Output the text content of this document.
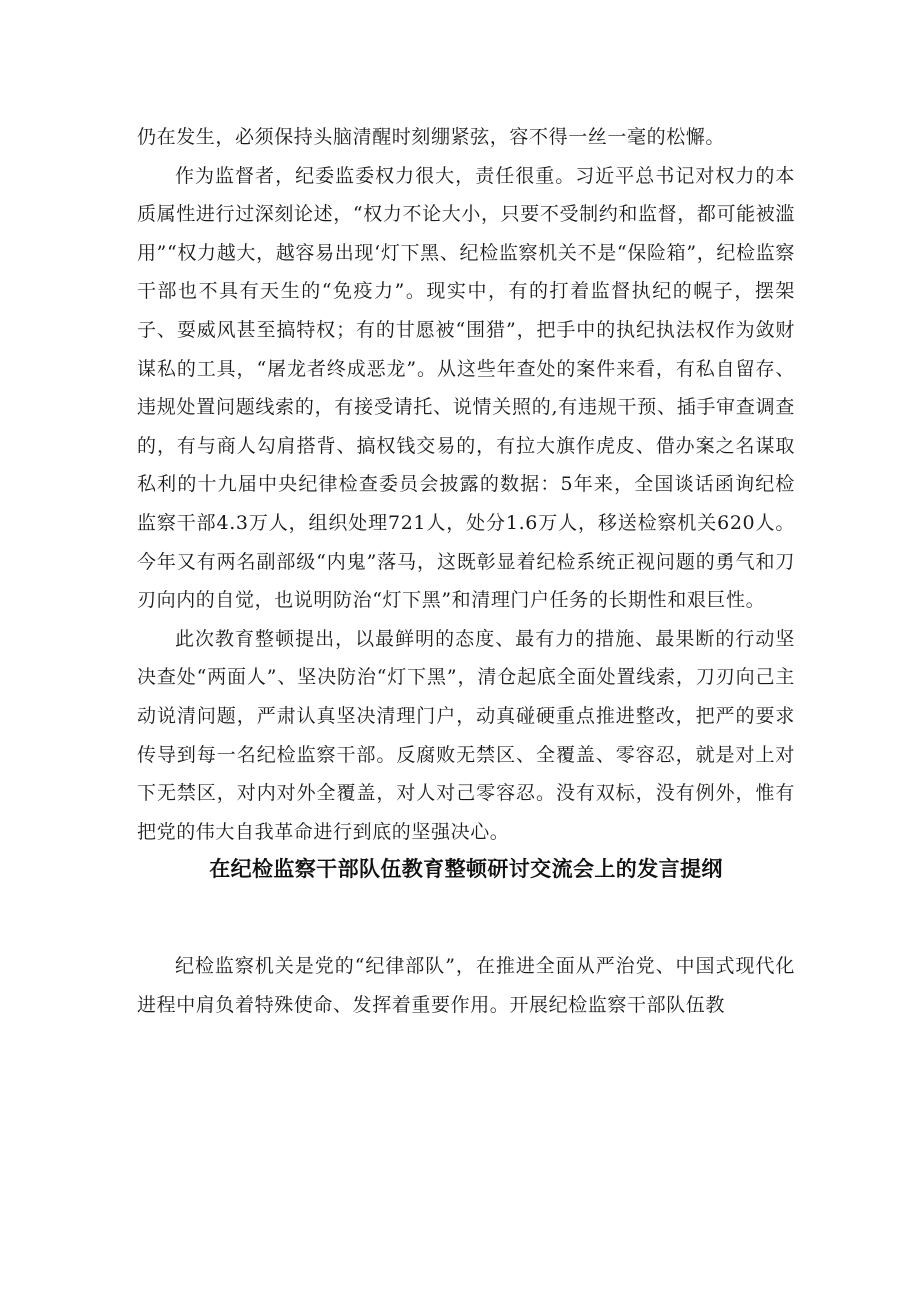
仍在发生，必须保持头脑清醒时刻绷紧弦，容不得一丝一毫的松懈。

作为监督者，纪委监委权力很大，责任很重。习近平总书记对权力的本质属性进行过深刻论述，“权力不论大小，只要不受制约和监督，都可能被滥用”“权力越大，越容易出现‘灯下黑、纪检监察机关不是“保险箱”，纪检监察干部也不具有天生的“免疫力”。现实中，有的打着监督执纪的幌子，摆架子、耍威风甚至搞特权；有的甘愿被“围猎”，把手中的执纪执法权作为敛财谋私的工具，“屠龙者终成恶龙”。从这些年查处的案件来看，有私自留存、违规处置问题线索的，有接受请托、说情关照的,有违规干预、插手审查调查的，有与商人勾肩搭背、搞权钱交易的，有拉大旗作虎皮、借办案之名谋取私利的十九届中央纪律检查委员会披露的数据：5年来，全国谈话函询纪检监察干部4.3万人，组织处理721人，处分1.6万人，移送检察机关620人。今年又有两名副部级“内鬼”落马，这既彰显着纪检系统正视问题的勇气和刀刃向内的自觉，也说明防治“灯下黑”和清理门户任务的长期性和艰巨性。

此次教育整顿提出，以最鲜明的态度、最有力的措施、最果断的行动坚决查处“两面人”、坚决防治“灯下黑”，清仓起底全面处置线索，刀刃向己主动说清问题，严肃认真坚决清理门户，动真碰硬重点推进整改，把严的要求传导到每一名纪检监察干部。反腐败无禁区、全覆盖、零容忍，就是对上对下无禁区，对内对外全覆盖，对人对己零容忍。没有双标，没有例外，惟有把党的伟大自我革命进行到底的坚强决心。

在纪检监察干部队伍教育整顿研讨交流会上的发言提纲

纪检监察机关是党的“纪律部队”，在推进全面从严治党、中国式现代化进程中肩负着特殊使命、发挥着重要作用。开展纪检监察干部队伍教
